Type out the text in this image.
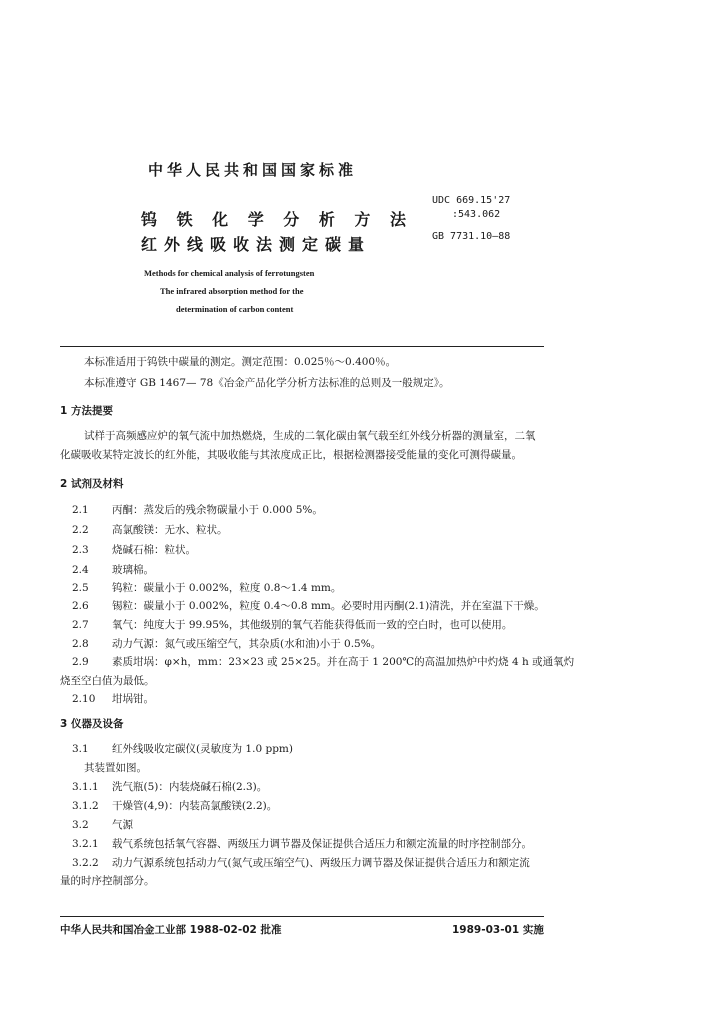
中华人民共和国国家标准
钨 铁 化 学 分 析 方 法
红外线吸收法测定碳量
UDC 669.15'27
:543.062
GB 7731.10—88
Methods for chemical analysis of ferrotungsten
The infrared absorption method for the
determination of carbon content
本标准适用于钨铁中碳量的测定。测定范围：0.025％～0.400％。
本标准遵守 GB 1467— 78《冶金产品化学分析方法标准的总则及一般规定》。
1 方法提要
试样于高频感应炉的氧气流中加热燃烧，生成的二氧化碳由氧气载至红外线分析器的测量室，二氧
化碳吸收某特定波长的红外能，其吸收能与其浓度成正比，根据检测器接受能量的变化可测得碳量。
2 试剂及材料
2.1 丙酮：蒸发后的残余物碳量小于 0.000 5%。
2.2 高氯酸镁：无水、粒状。
2.3 烧碱石棉：粒状。
2.4 玻璃棉。
2.5 钨粒：碳量小于 0.002%，粒度 0.8～1.4 mm。
2.6 锡粒：碳量小于 0.002%，粒度 0.4～0.8 mm。必要时用丙酮(2.1)清洗，并在室温下干燥。
2.7 氧气：纯度大于 99.95%，其他级别的氧气若能获得低而一致的空白时，也可以使用。
2.8 动力气源：氮气或压缩空气，其杂质(水和油)小于 0.5%。
2.9 素质坩埚：φ×h，mm：23×23 或 25×25。并在高于 1 200℃的高温加热炉中灼烧 4 h 或通氧灼
烧至空白值为最低。
2.10 坩埚钳。
3 仪器及设备
3.1 红外线吸收定碳仪(灵敏度为 1.0 ppm)
其装置如图。
3.1.1 洗气瓶(5)：内装烧碱石棉(2.3)。
3.1.2 干燥管(4,9)：内装高氯酸镁(2.2)。
3.2 气源
3.2.1 载气系统包括氧气容器、两级压力调节器及保证提供合适压力和额定流量的时序控制部分。
3.2.2 动力气源系统包括动力气(氮气或压缩空气)、两级压力调节器及保证提供合适压力和额定流
量的时序控制部分。
中华人民共和国冶金工业部 1988-02-02 批准	1989-03-01 实施
